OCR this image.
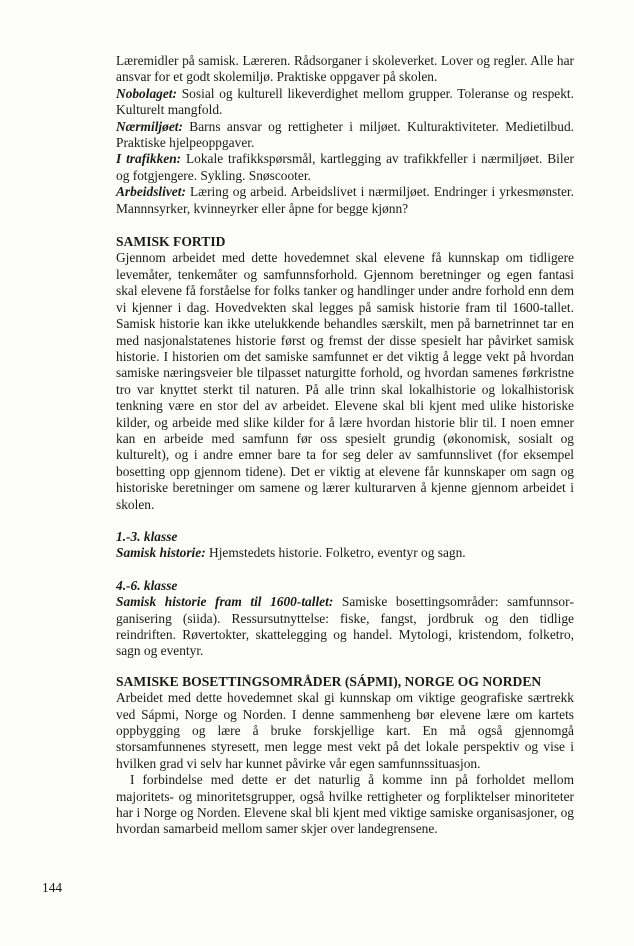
Læremidler på samisk. Læreren. Rådsorganer i skoleverket. Lover og regler. Alle har ansvar for et godt skolemiljø. Praktiske oppgaver på skolen.

Nobolaget: Sosial og kulturell likeverdighet mellom grupper. Toleranse og respekt. Kulturelt mangfold.

Nærmiljøet: Barns ansvar og rettigheter i miljøet. Kulturaktiviteter. Medietilbud. Praktiske hjelpeoppgaver.

I trafikken: Lokale trafikkspørsmål, kartlegging av trafikkfeller i nærmiljøet. Biler og fotgjengere. Sykling. Snøscooter.

Arbeidslivet: Læring og arbeid. Arbeidslivet i nærmiljøet. Endringer i yrkesmønster. Mannnsyrker, kvinneyrker eller åpne for begge kjønn?

SAMISK FORTID

Gjennom arbeidet med dette hovedemnet skal elevene få kunnskap om tidligere levemåter, tenkemåter og samfunnsforhold. Gjennom beretninger og egen fantasi skal elevene få forståelse for folks tanker og handlinger under andre forhold enn dem vi kjenner i dag. Hovedvekten skal legges på samisk historie fram til 1600-tallet. Samisk historie kan ikke utelukkende behandles særskilt, men på barnetrinnet tar en med nasjonalstatenes historie først og fremst der disse spesielt har påvirket samisk historie. I historien om det samiske samfunnet er det viktig å legge vekt på hvordan samiske næringsveier ble tilpasset naturgitte forhold, og hvordan samenes førkristne tro var knyttet sterkt til naturen. På alle trinn skal lokalhistorie og lokalhistorisk tenkning være en stor del av arbeidet. Elevene skal bli kjent med ulike historiske kilder, og arbeide med slike kilder for å lære hvordan historie blir til. I noen emner kan en arbeide med samfunn før oss spesielt grundig (økonomisk, sosialt og kulturelt), og i andre emner bare ta for seg deler av samfunnslivet (for eksempel bosetting opp gjennom tidene). Det er viktig at elevene får kunnskaper om sagn og historiske beretninger om samene og lærer kulturarven å kjenne gjennom arbeidet i skolen.

1.-3. klasse

Samisk historie: Hjemstedets historie. Folketro, eventyr og sagn.

4.-6. klasse

Samisk historie fram til 1600-tallet: Samiske bosettingsområder: samfunnsorganisering (siida). Ressursutnyttelse: fiske, fangst, jordbruk og den tidlige reindriften. Røvertokter, skattelegging og handel. Mytologi, kristendom, folketro, sagn og eventyr.

SAMISKE BOSETTINGSOMRÅDER (SÁPMI), NORGE OG NORDEN

Arbeidet med dette hovedemnet skal gi kunnskap om viktige geografiske særtrekk ved Sápmi, Norge og Norden. I denne sammenheng bør elevene lære om kartets oppbygging og lære å bruke forskjellige kart. En må også gjennomgå storsamfunnenes styresett, men legge mest vekt på det lokale perspektiv og vise i hvilken grad vi selv har kunnet påvirke vår egen samfunnssituasjon.

I forbindelse med dette er det naturlig å komme inn på forholdet mellom majoritets- og minoritetsgrupper, også hvilke rettigheter og forpliktelser minoriteter har i Norge og Norden. Elevene skal bli kjent med viktige samiske organisasjoner, og hvordan samarbeid mellom samer skjer over landegrensene.

144
